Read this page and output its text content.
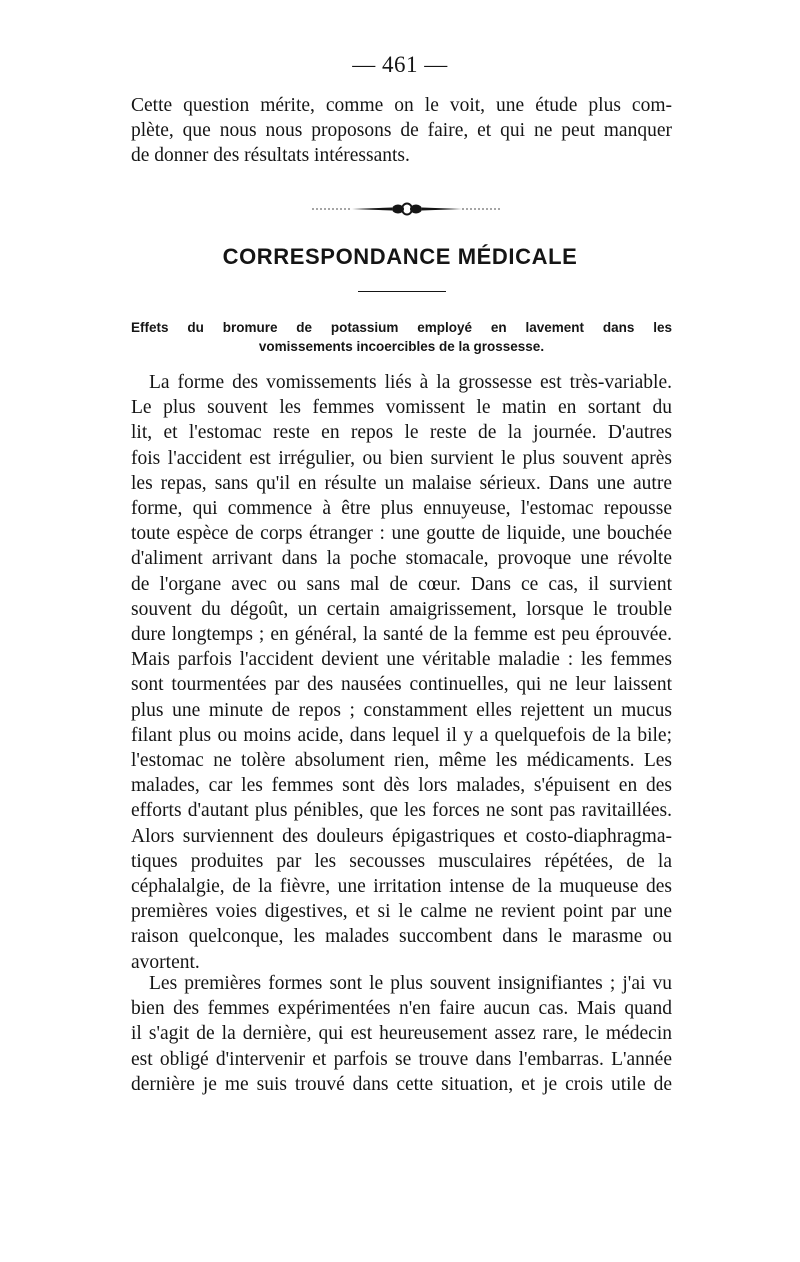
— 461 —

Cette question mérite, comme on le voit, une étude plus com-
plète, que nous nous proposons de faire, et qui ne peut manquer
de donner des résultats intéressants.

CORRESPONDANCE MÉDICALE

Effets du bromure de potassium employé en lavement dans les
vomissements incoercibles de la grossesse.

La forme des vomissements liés à la grossesse est très-variable.
Le plus souvent les femmes vomissent le matin en sortant du
lit, et l'estomac reste en repos le reste de la journée. D'autres
fois l'accident est irrégulier, ou bien survient le plus souvent après
les repas, sans qu'il en résulte un malaise sérieux. Dans une autre
forme, qui commence à être plus ennuyeuse, l'estomac repousse
toute espèce de corps étranger : une goutte de liquide, une bouchée
d'aliment arrivant dans la poche stomacale, provoque une révolte
de l'organe avec ou sans mal de cœur. Dans ce cas, il survient
souvent du dégoût, un certain amaigrissement, lorsque le trouble
dure longtemps ; en général, la santé de la femme est peu éprouvée.
Mais parfois l'accident devient une véritable maladie : les femmes
sont tourmentées par des nausées continuelles, qui ne leur laissent
plus une minute de repos ; constamment elles rejettent un mucus
filant plus ou moins acide, dans lequel il y a quelquefois de la bile;
l'estomac ne tolère absolument rien, même les médicaments. Les
malades, car les femmes sont dès lors malades, s'épuisent en des
efforts d'autant plus pénibles, que les forces ne sont pas ravitaillées.
Alors surviennent des douleurs épigastriques et costo-diaphragma-
tiques produites par les secousses musculaires répétées, de la
céphalalgie, de la fièvre, une irritation intense de la muqueuse des
premières voies digestives, et si le calme ne revient point par une
raison quelconque, les malades succombent dans le marasme ou
avortent.

Les premières formes sont le plus souvent insignifiantes ; j'ai vu
bien des femmes expérimentées n'en faire aucun cas. Mais quand
il s'agit de la dernière, qui est heureusement assez rare, le médecin
est obligé d'intervenir et parfois se trouve dans l'embarras. L'année
dernière je me suis trouvé dans cette situation, et je crois utile de
